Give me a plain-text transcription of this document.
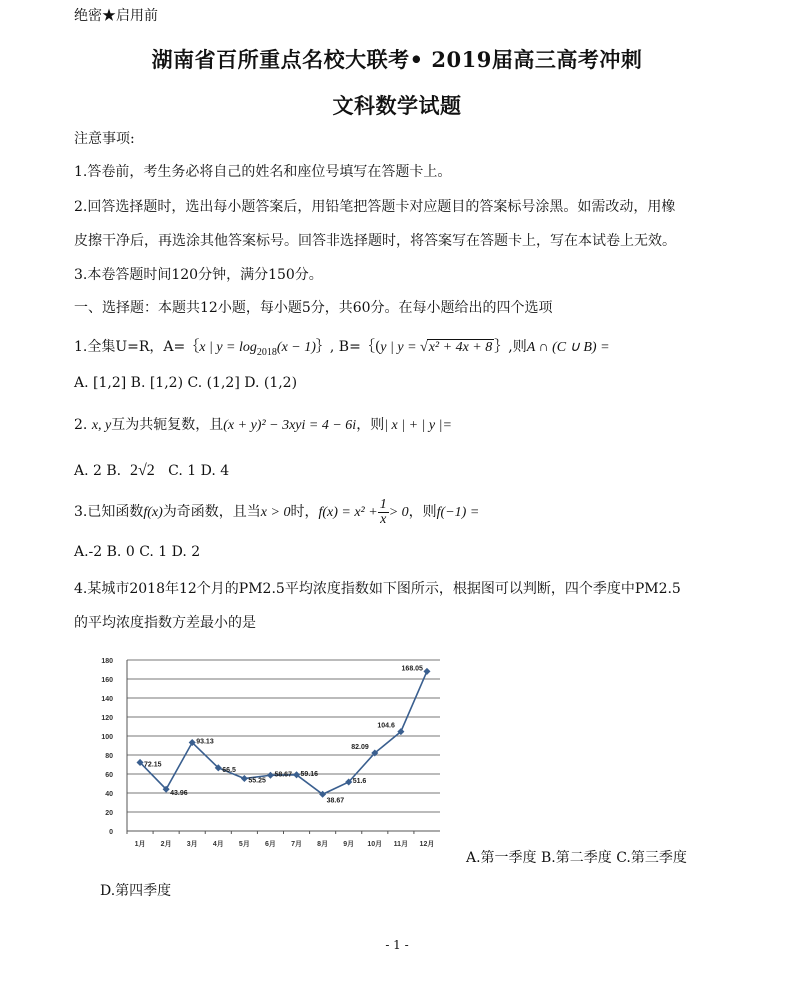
绝密★启用前
湖南省百所重点名校大联考• 2019届高三高考冲刺
文科数学试题
注意事项:
1.答卷前，考生务必将自己的姓名和座位号填写在答题卡上。
2.回答选择题时，选出每小题答案后，用铅笔把答题卡对应题目的答案标号涂黑。如需改动，用橡
皮擦干净后，再选涂其他答案标号。回答非选择题时，将答案写在答题卡上，写在本试卷上无效。
3.本卷答题时间120分钟，满分150分。
一、选择题：本题共12小题，每小题5分，共60分。在每小题给出的四个选项
1.全集U=R，A=｛x | $y = \log_{2018}(x$ − 1)｝, B=｛(y | y = √x² + 4x + 8 ｝,则A ∩ (C ∪ B) =
A. [1,2] B. [1,2) C. (1,2] D. (1,2)
2. x, y互为共轭复数，且(x + y)² − 3xyi = 4 − 6i，则| x | + | y |=
A. 2 B. 2√2 C. 1 D. 4
3.已知函数f(x)为奇函数，且当x > 0时，$f(x) = x^2 + \frac{1}{x} > 0$，则f(−1) =
A.-2 B. 0 C. 1 D. 2
4.某城市2018年12个月的PM2.5平均浓度指数如下图所示，根据图可以判断，四个季度中PM2.5
的平均浓度指数方差最小的是
0
20
40
60
80
100
120
140
160
180
1月 2月 3月 4月 5月 6月 7月 8月 9月 10月 11月 12月
72.15
43.96
93.13
66.5
55.25
58.67 59.16
38.67
51.6
82.09
104.6
168.05
A.第一季度 B.第二季度 C.第三季度
D.第四季度
- 1 -
